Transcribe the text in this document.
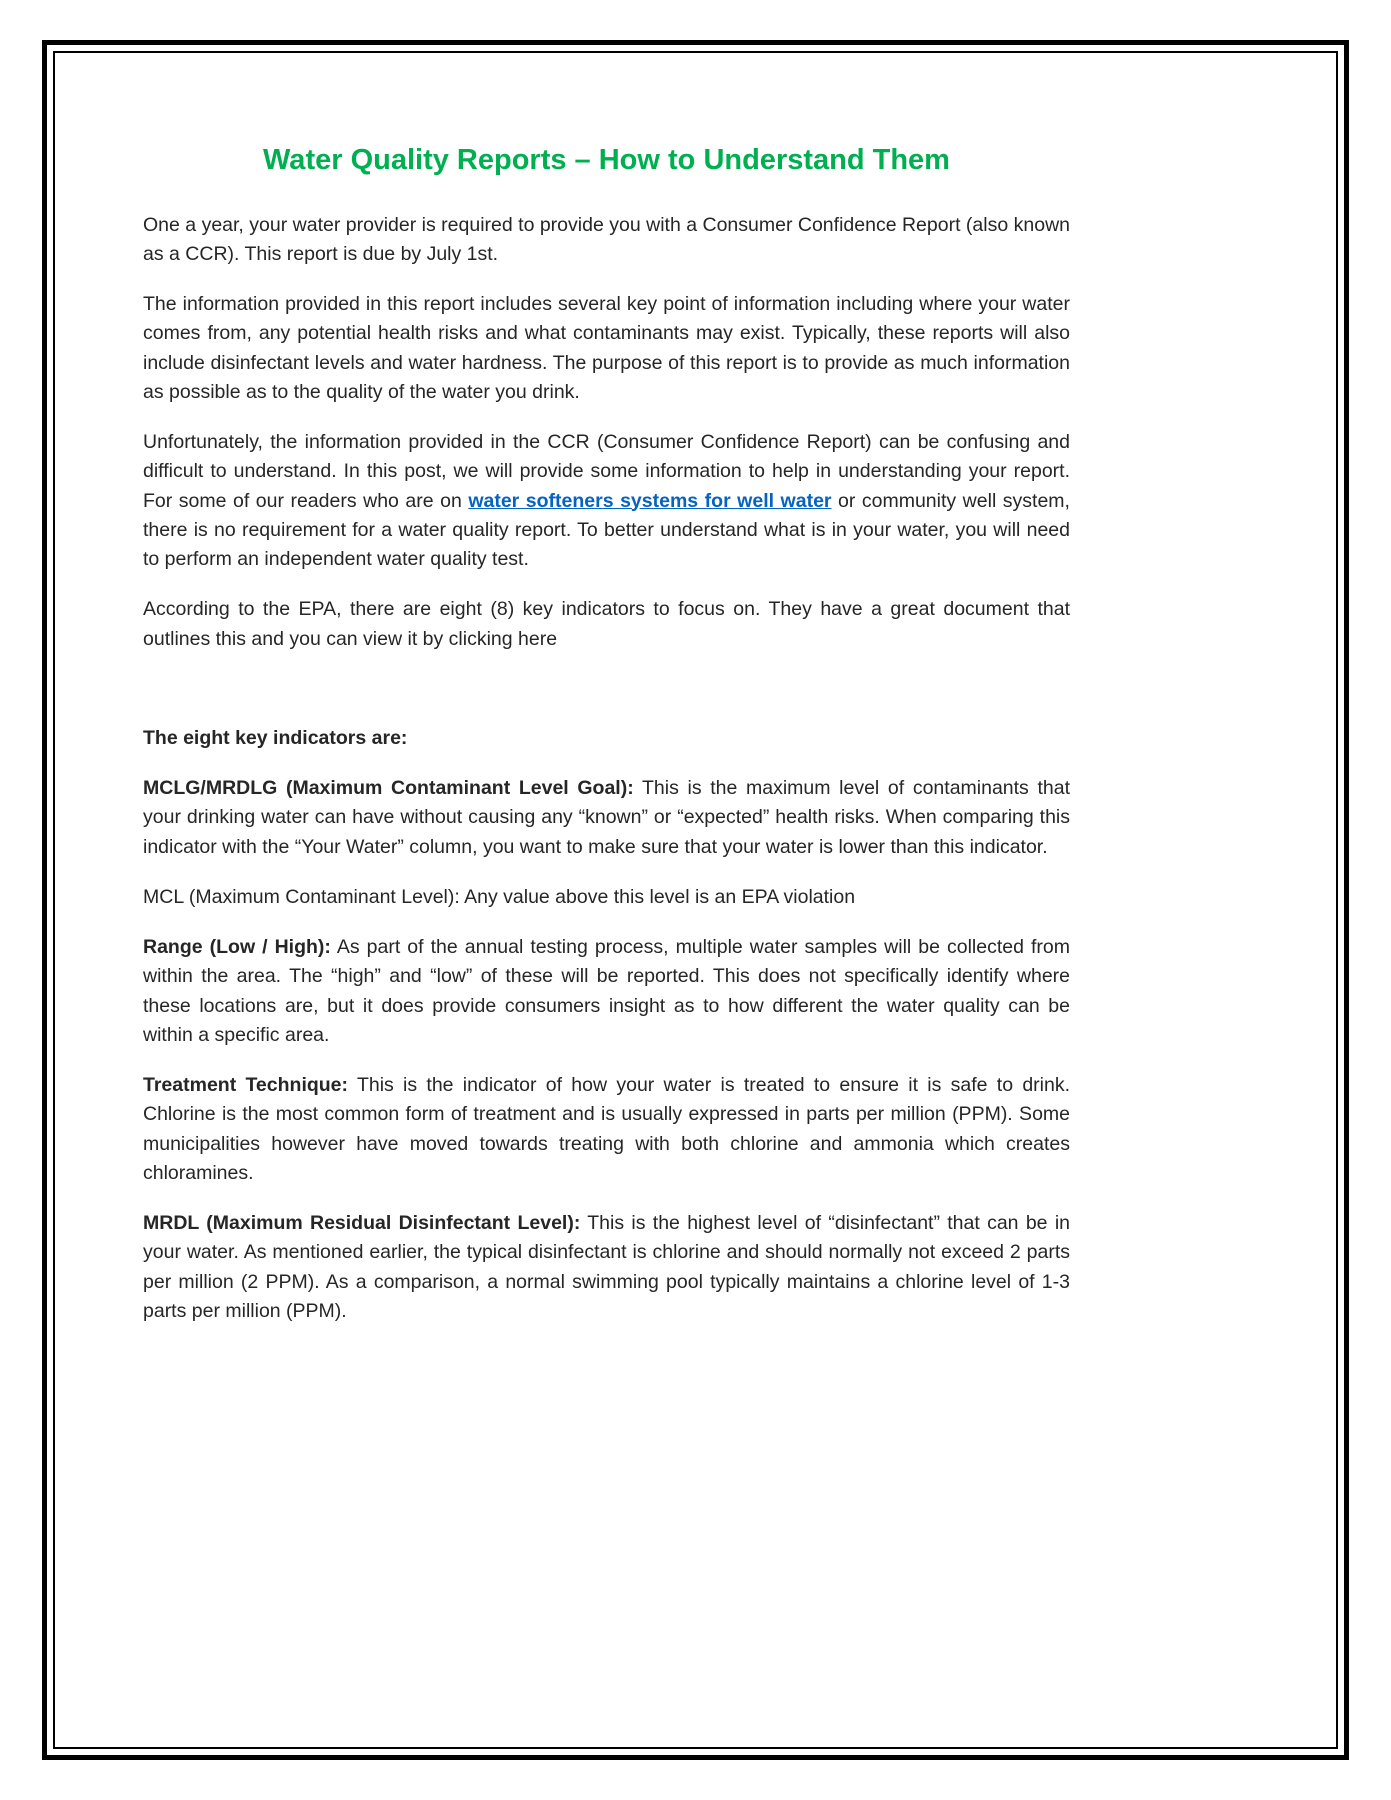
Water Quality Reports – How to Understand Them

One a year, your water provider is required to provide you with a Consumer Confidence Report (also known as a CCR). This report is due by July 1st.

The information provided in this report includes several key point of information including where your water comes from, any potential health risks and what contaminants may exist. Typically, these reports will also include disinfectant levels and water hardness. The purpose of this report is to provide as much information as possible as to the quality of the water you drink.

Unfortunately, the information provided in the CCR (Consumer Confidence Report) can be confusing and difficult to understand. In this post, we will provide some information to help in understanding your report. For some of our readers who are on water softeners systems for well water or community well system, there is no requirement for a water quality report. To better understand what is in your water, you will need to perform an independent water quality test.

According to the EPA, there are eight (8) key indicators to focus on. They have a great document that outlines this and you can view it by clicking here

The eight key indicators are:

MCLG/MRDLG (Maximum Contaminant Level Goal): This is the maximum level of contaminants that your drinking water can have without causing any “known” or “expected” health risks. When comparing this indicator with the “Your Water” column, you want to make sure that your water is lower than this indicator.

MCL (Maximum Contaminant Level): Any value above this level is an EPA violation

Range (Low / High): As part of the annual testing process, multiple water samples will be collected from within the area. The “high” and “low” of these will be reported. This does not specifically identify where these locations are, but it does provide consumers insight as to how different the water quality can be within a specific area.

Treatment Technique: This is the indicator of how your water is treated to ensure it is safe to drink. Chlorine is the most common form of treatment and is usually expressed in parts per million (PPM). Some municipalities however have moved towards treating with both chlorine and ammonia which creates chloramines.

MRDL (Maximum Residual Disinfectant Level): This is the highest level of “disinfectant” that can be in your water. As mentioned earlier, the typical disinfectant is chlorine and should normally not exceed 2 parts per million (2 PPM). As a comparison, a normal swimming pool typically maintains a chlorine level of 1-3 parts per million (PPM).
